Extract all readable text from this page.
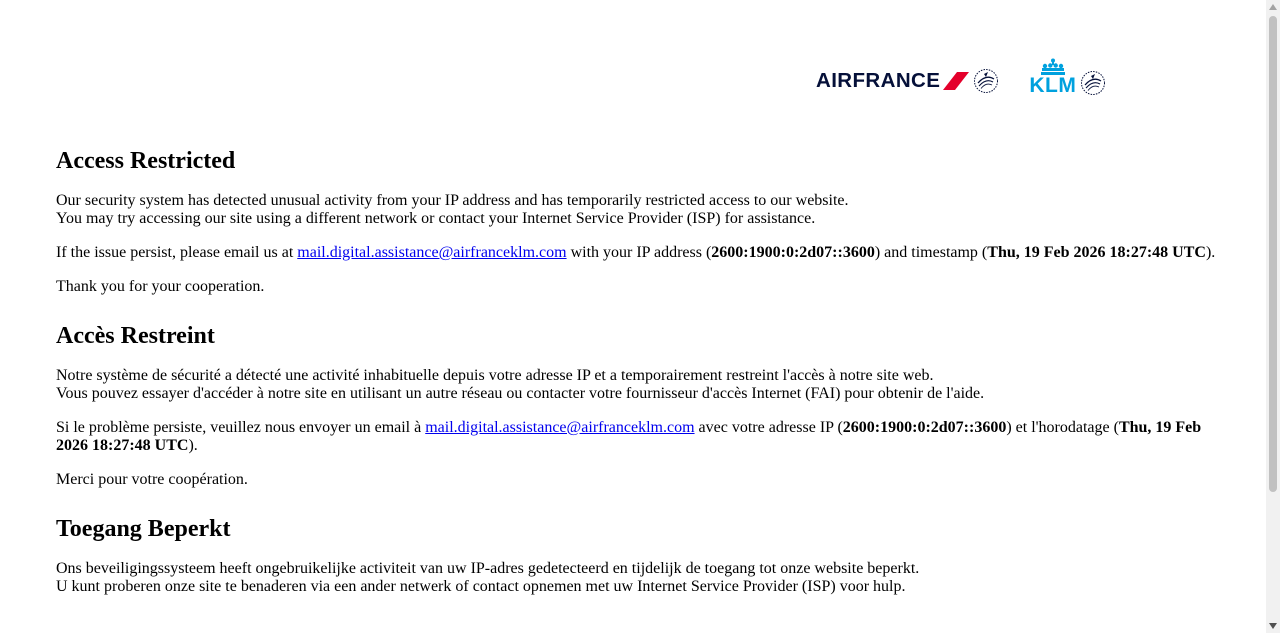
AIRFRANCE	KLM
Access Restricted

Our security system has detected unusual activity from your IP address and has temporarily restricted access to our website.
You may try accessing our site using a different network or contact your Internet Service Provider (ISP) for assistance.

If the issue persist, please email us at mail.digital.assistance@airfranceklm.com with your IP address (2600:1900:0:2d07::3600) and timestamp (Thu, 19 Feb 2026 18:27:48 UTC).

Thank you for your cooperation.

Accès Restreint

Notre système de sécurité a détecté une activité inhabituelle depuis votre adresse IP et a temporairement restreint l'accès à notre site web.
Vous pouvez essayer d'accéder à notre site en utilisant un autre réseau ou contacter votre fournisseur d'accès Internet (FAI) pour obtenir de l'aide.

Si le problème persiste, veuillez nous envoyer un email à mail.digital.assistance@airfranceklm.com avec votre adresse IP (2600:1900:0:2d07::3600) et l'horodatage (Thu, 19 Feb 2026 18:27:48 UTC).

Merci pour votre coopération.

Toegang Beperkt

Ons beveiligingssysteem heeft ongebruikelijke activiteit van uw IP-adres gedetecteerd en tijdelijk de toegang tot onze website beperkt.
U kunt proberen onze site te benaderen via een ander netwerk of contact opnemen met uw Internet Service Provider (ISP) voor hulp.
